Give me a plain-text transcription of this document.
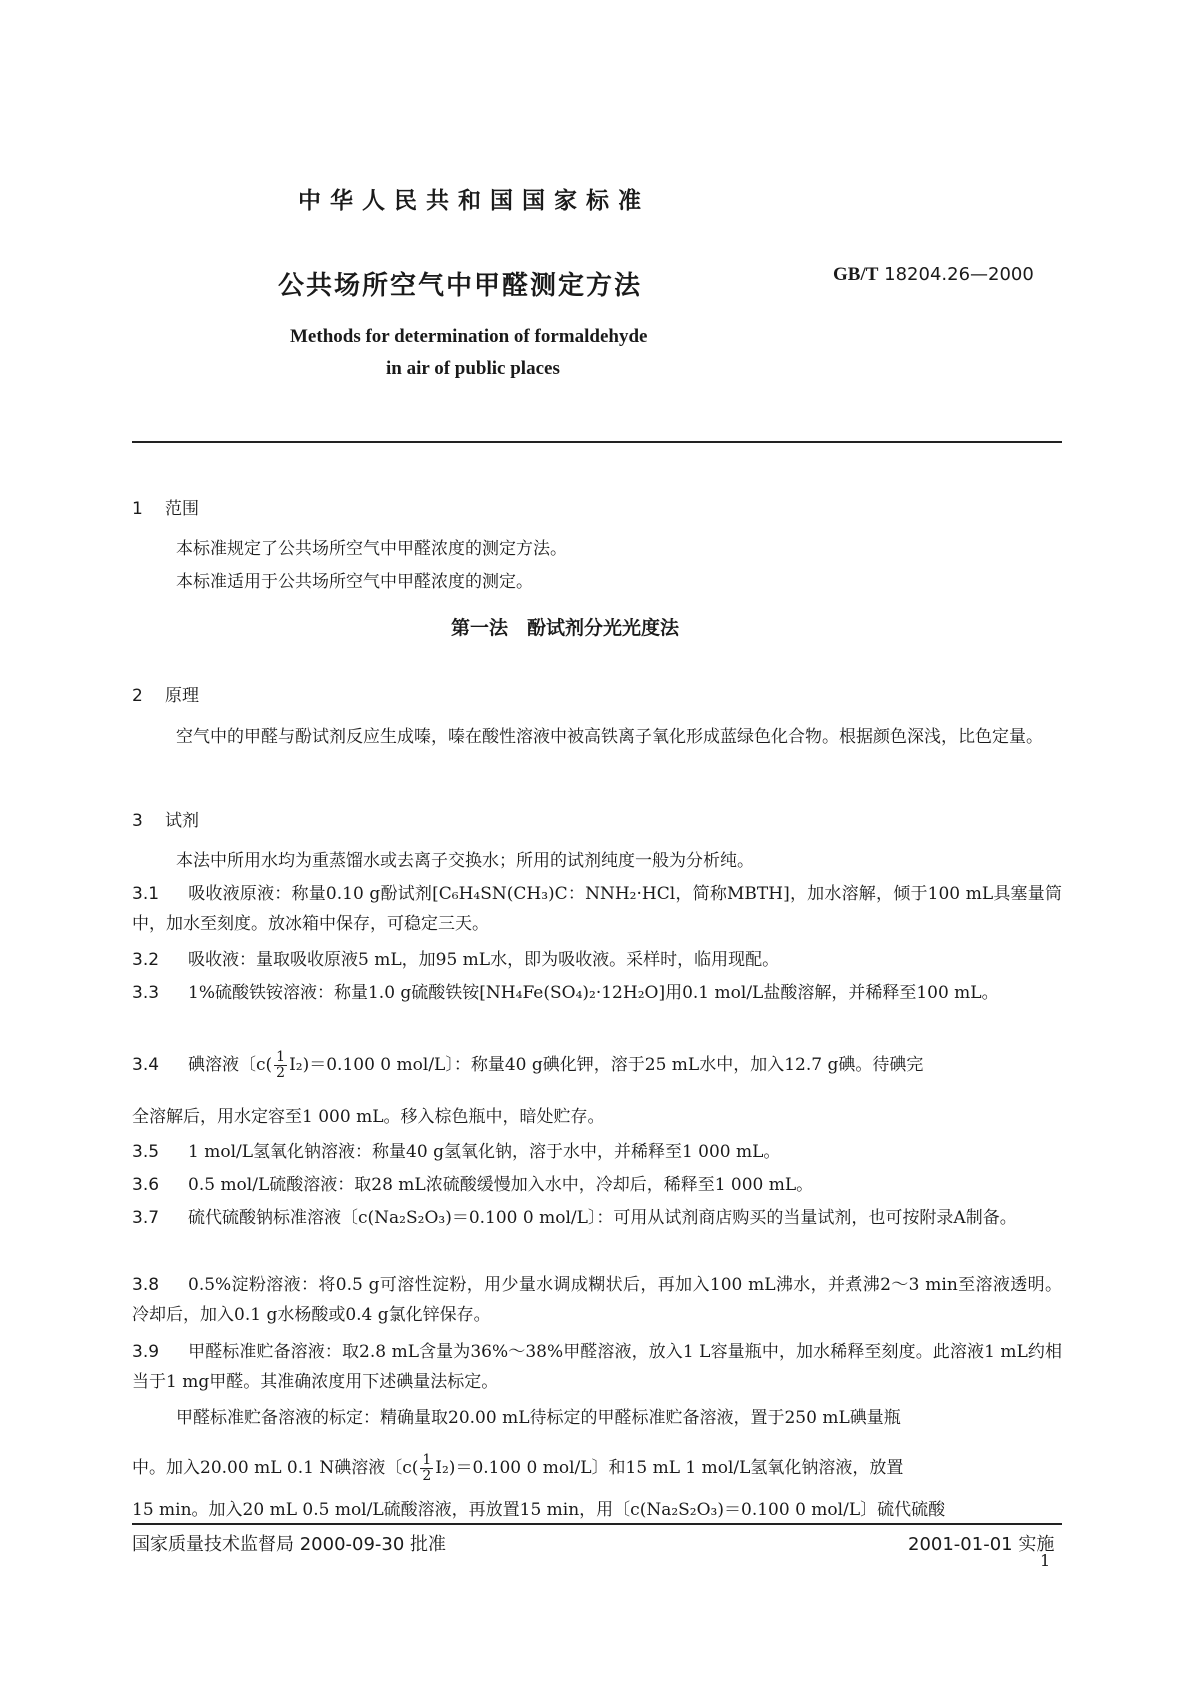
中华人民共和国国家标准
公共场所空气中甲醛测定方法	GB/T 18204.26—2000
Methods for determination of formaldehyde
in air of public places
1 范围
本标准规定了公共场所空气中甲醛浓度的测定方法。
本标准适用于公共场所空气中甲醛浓度的测定。
第一法　酚试剂分光光度法
2 原理
空气中的甲醛与酚试剂反应生成嗪，嗪在酸性溶液中被高铁离子氧化形成蓝绿色化合物。根据颜色深浅，比色定量。
3 试剂
本法中所用水均为重蒸馏水或去离子交换水；所用的试剂纯度一般为分析纯。
3.1 吸收液原液：称量0.10 g酚试剂[C₆H₄SN(CH₃)C：NNH₂·HCl，简称MBTH]，加水溶解，倾于100 mL具塞量筒中，加水至刻度。放冰箱中保存，可稳定三天。
3.2 吸收液：量取吸收原液5 mL，加95 mL水，即为吸收液。采样时，临用现配。
3.3 1%硫酸铁铵溶液：称量1.0 g硫酸铁铵[NH₄Fe(SO₄)₂·12H₂O]用0.1 mol/L盐酸溶解，并稀释至100 mL。
3.4 碘溶液〔$c( \frac{1}{2} I_2)=0.100$ 0 mol/L〕：称量40 g碘化钾，溶于25 mL水中，加入12.7 g碘。待碘完
全溶解后，用水定容至1 000 mL。移入棕色瓶中，暗处贮存。
3.5 1 mol/L氢氧化钠溶液：称量40 g氢氧化钠，溶于水中，并稀释至1 000 mL。
3.6 0.5 mol/L硫酸溶液：取28 mL浓硫酸缓慢加入水中，冷却后，稀释至1 000 mL。
3.7 硫代硫酸钠标准溶液〔c(Na₂S₂O₃)＝0.100 0 mol/L〕：可用从试剂商店购买的当量试剂，也可按附录A制备。
3.8 0.5%淀粉溶液：将0.5 g可溶性淀粉，用少量水调成糊状后，再加入100 mL沸水，并煮沸2～3 min至溶液透明。冷却后，加入0.1 g水杨酸或0.4 g氯化锌保存。
3.9 甲醛标准贮备溶液：取2.8 mL含量为36%～38%甲醛溶液，放入1 L容量瓶中，加水稀释至刻度。此溶液1 mL约相当于1 mg甲醛。其准确浓度用下述碘量法标定。
甲醛标准贮备溶液的标定：精确量取20.00 mL待标定的甲醛标准贮备溶液，置于250 mL碘量瓶
中。加入20.00 mL 0.1 N碘溶液〔$c( \frac{1}{2} I_2)=0.100$ 0 mol/L〕和15 mL 1 mol/L氢氧化钠溶液，放置
15 min。加入20 mL 0.5 mol/L硫酸溶液，再放置15 min，用〔c(Na₂S₂O₃)＝0.100 0 mol/L〕硫代硫酸
国家质量技术监督局 2000-09-30 批准	2001-01-01 实施
1
